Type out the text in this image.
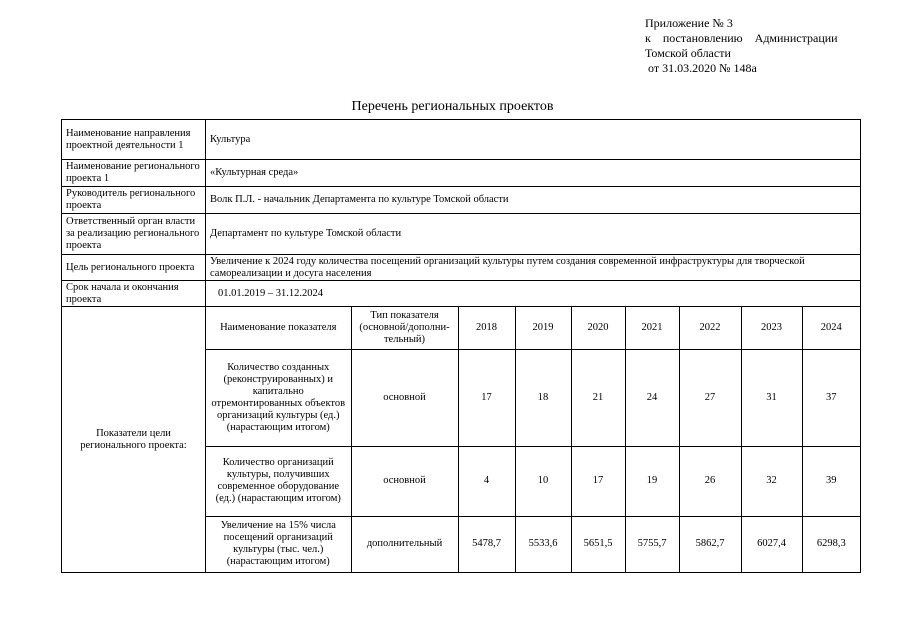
Приложение № 3
к постановлению Администрации
Томской области
от 31.03.2020 № 148а
Перечень региональных проектов
Наименование направления проектной деятельности 1	Культура
Наименование регионального проекта 1	«Культурная среда»
Руководитель регионального проекта	Волк П.Л. - начальник Департамента по культуре Томской области
Ответственный орган власти за реализацию регионального проекта	Департамент по культуре Томской области
Цель регионального проекта	Увеличение к 2024 году количества посещений организаций культуры путем создания современной инфраструктуры для творческой самореализации и досуга населения
Срок начала и окончания проекта	01.01.2019 – 31.12.2024
Показатели цели регионального проекта:	
Наименование показателя	Тип показателя (основной/дополни-тельный)	2018	2019	2020	2021	2022	2023	2024
Количество созданных (реконструированных) и капитально отремонтированных объектов организаций культуры (ед.) (нарастающим итогом)	основной	17	18	21	24	27	31	37
Количество организаций культуры, получивших современное оборудование (ед.) (нарастающим итогом)	основной	4	10	17	19	26	32	39
Увеличение на 15% числа посещений организаций культуры (тыс. чел.) (нарастающим итогом)	дополнительный	5478,7	5533,6	5651,5	5755,7	5862,7	6027,4	6298,3
